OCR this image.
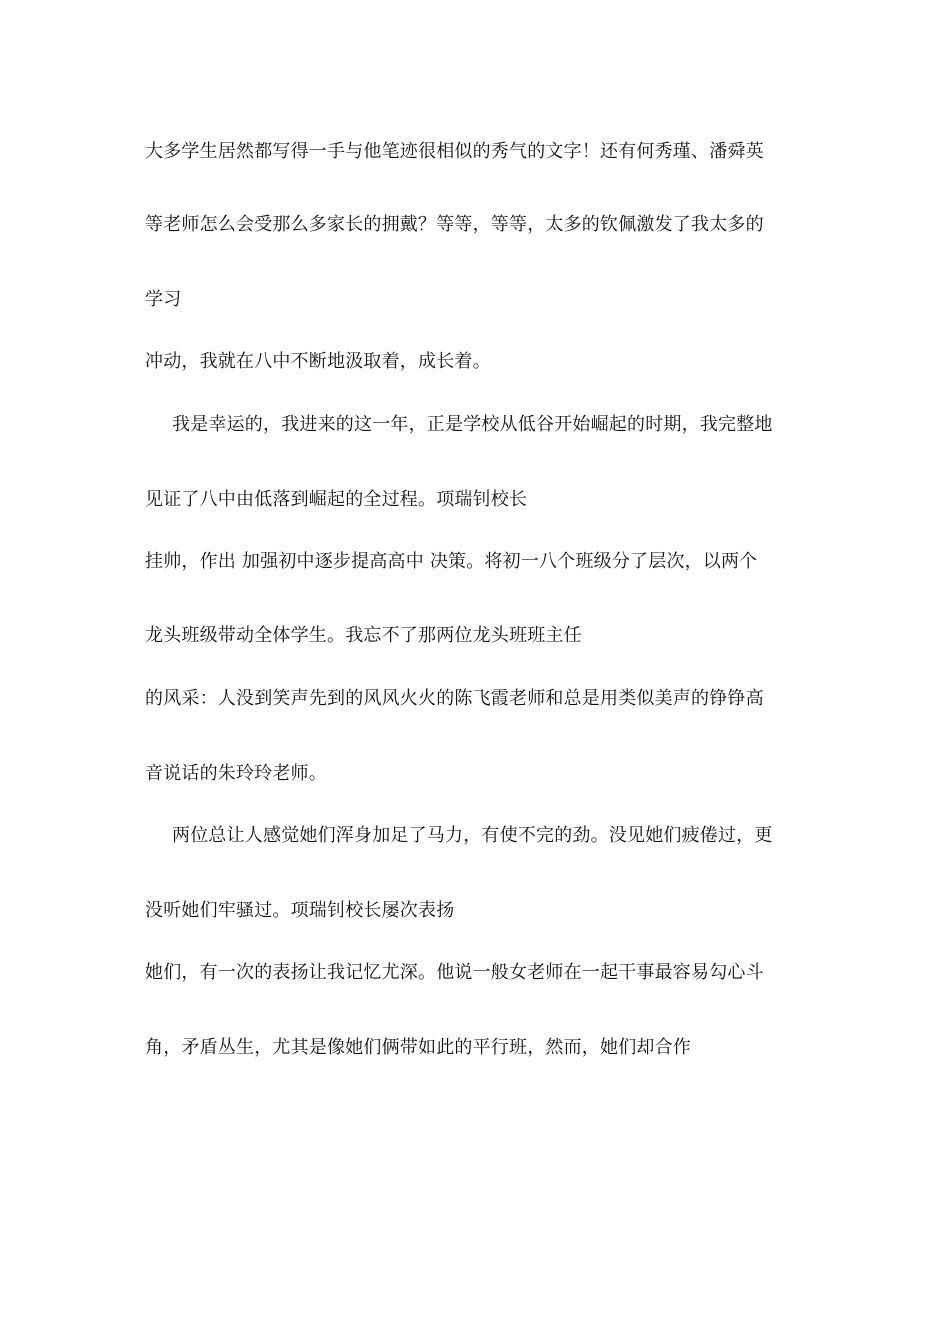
大多学生居然都写得一手与他笔迹很相似的秀气的文字！还有何秀瑾、潘舜英
等老师怎么会受那么多家长的拥戴？等等，等等，太多的钦佩激发了我太多的
学习
冲动，我就在八中不断地汲取着，成长着。
我是幸运的，我进来的这一年，正是学校从低谷开始崛起的时期，我完整地
见证了八中由低落到崛起的全过程。项瑞钊校长
挂帅，作出 加强初中逐步提高高中 决策。将初一八个班级分了层次，以两个
龙头班级带动全体学生。我忘不了那两位龙头班班主任
的风采：人没到笑声先到的风风火火的陈飞霞老师和总是用类似美声的铮铮高
音说话的朱玲玲老师。
两位总让人感觉她们浑身加足了马力，有使不完的劲。没见她们疲倦过，更
没听她们牢骚过。项瑞钊校长屡次表扬
她们，有一次的表扬让我记忆尤深。他说一般女老师在一起干事最容易勾心斗
角，矛盾丛生，尤其是像她们俩带如此的平行班，然而，她们却合作
